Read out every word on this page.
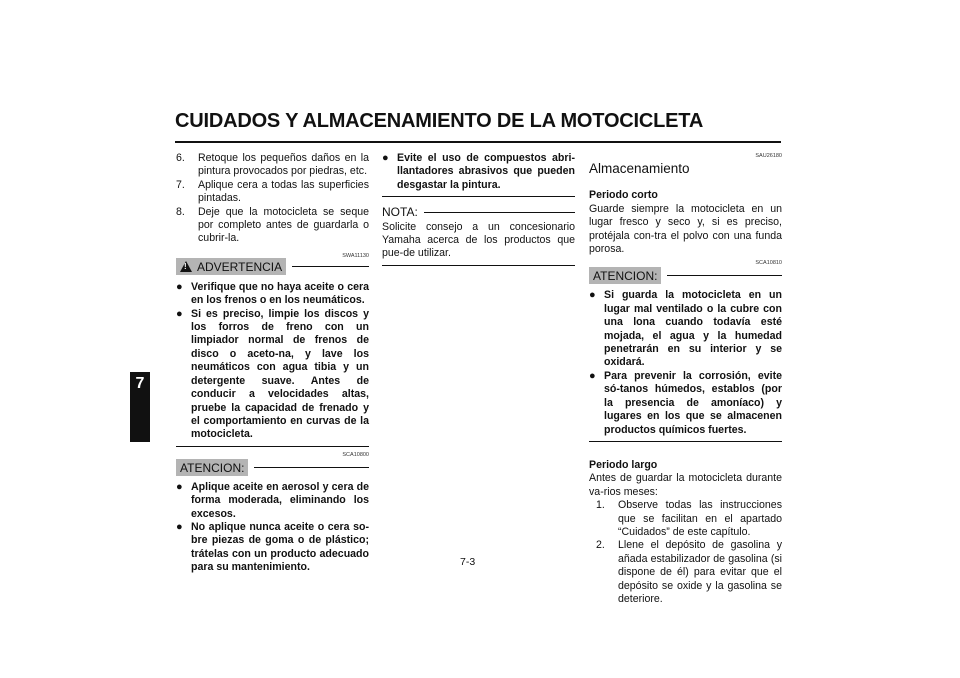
CUIDADOS Y ALMACENAMIENTO DE LA MOTOCICLETA
7
6.	Retoque los pequeños daños en la pintura provocados por piedras, etc.
7.	Aplique cera a todas las superficies pintadas.
8.	Deje que la motocicleta se seque por completo antes de guardarla o cubrir-la.
SWA11130
! ADVERTENCIA
● Verifique que no haya aceite o cera en los frenos o en los neumáticos.
● Si es preciso, limpie los discos y los forros de freno con un limpiador normal de frenos de disco o aceto-na, y lave los neumáticos con agua tibia y un detergente suave. Antes de conducir a velocidades altas, pruebe la capacidad de frenado y el comportamiento en curvas de la motocicleta.
SCA10800
ATENCION:
● Aplique aceite en aerosol y cera de forma moderada, eliminando los excesos.
● No aplique nunca aceite o cera so-bre piezas de goma o de plástico; trátelas con un producto adecuado para su mantenimiento.
● Evite el uso de compuestos abri-llantadores abrasivos que pueden desgastar la pintura.
NOTA:

Solicite consejo a un concesionario Yamaha acerca de los productos que pue-de utilizar.

SAU26180
Almacenamiento

Periodo corto

Guarde siempre la motocicleta en un lugar fresco y seco y, si es preciso, protéjala con-tra el polvo con una funda porosa.

SCA10810
ATENCION:
● Si guarda la motocicleta en un lugar mal ventilado o la cubre con una lona cuando todavía esté mojada, el agua y la humedad penetrarán en su interior y se oxidará.
● Para prevenir la corrosión, evite só-tanos húmedos, establos (por la presencia de amoníaco) y lugares en los que se almacenen productos químicos fuertes.

Periodo largo

Antes de guardar la motocicleta durante va-rios meses:

1.	Observe todas las instrucciones que se facilitan en el apartado “Cuidados” de este capítulo.
2.	Llene el depósito de gasolina y añada estabilizador de gasolina (si dispone de él) para evitar que el depósito se oxide y la gasolina se deteriore.
7-3
